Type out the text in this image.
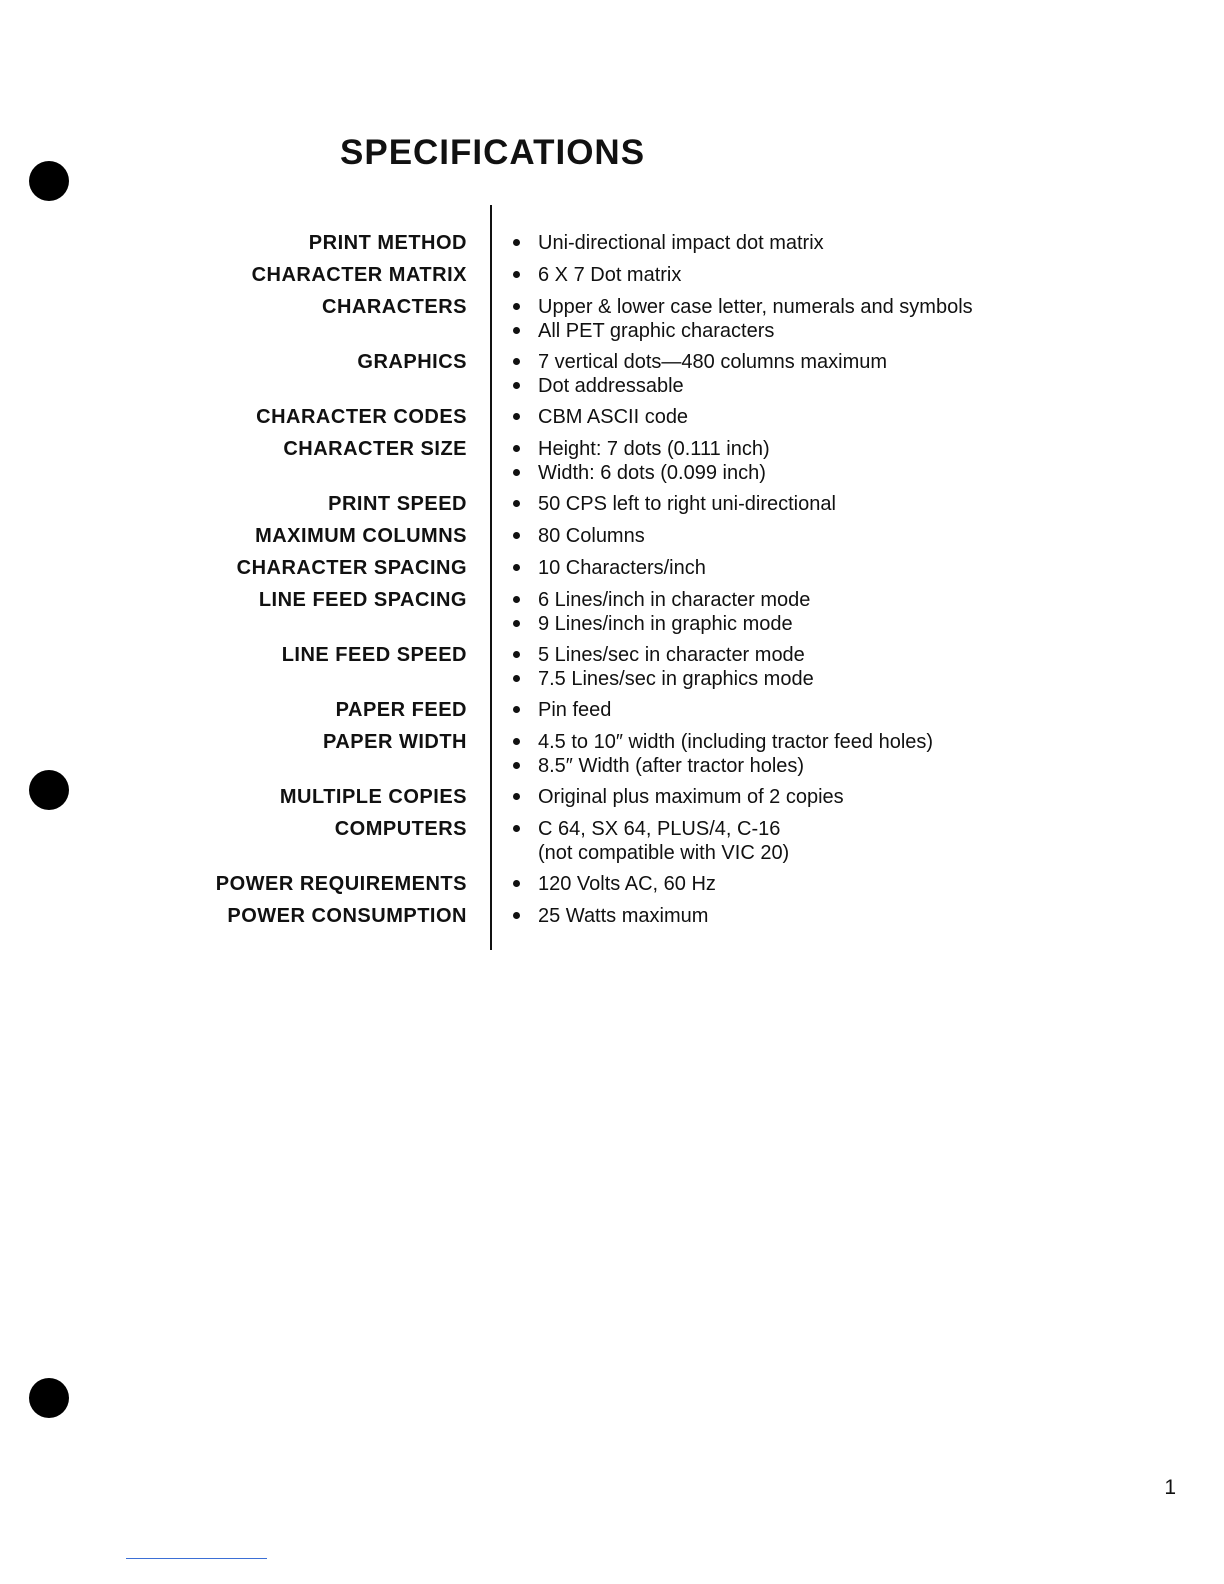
SPECIFICATIONS
PRINT METHOD	Uni-directional impact dot matrix
CHARACTER MATRIX	6 X 7 Dot matrix
CHARACTERS	Upper & lower case letter, numerals and symbols
All PET graphic characters
GRAPHICS	7 vertical dots—480 columns maximum
Dot addressable
CHARACTER CODES	CBM ASCII code
CHARACTER SIZE	Height: 7 dots (0.111 inch)
Width: 6 dots (0.099 inch)
PRINT SPEED	50 CPS left to right uni-directional
MAXIMUM COLUMNS	80 Columns
CHARACTER SPACING	10 Characters/inch
LINE FEED SPACING	6 Lines/inch in character mode
9 Lines/inch in graphic mode
LINE FEED SPEED	5 Lines/sec in character mode
7.5 Lines/sec in graphics mode
PAPER FEED	Pin feed
PAPER WIDTH	4.5 to 10″ width (including tractor feed holes)
8.5″ Width (after tractor holes)
MULTIPLE COPIES	Original plus maximum of 2 copies
COMPUTERS	C 64, SX 64, PLUS/4, C-16
(not compatible with VIC 20)
POWER REQUIREMENTS	120 Volts AC, 60 Hz
POWER CONSUMPTION	25 Watts maximum
1
